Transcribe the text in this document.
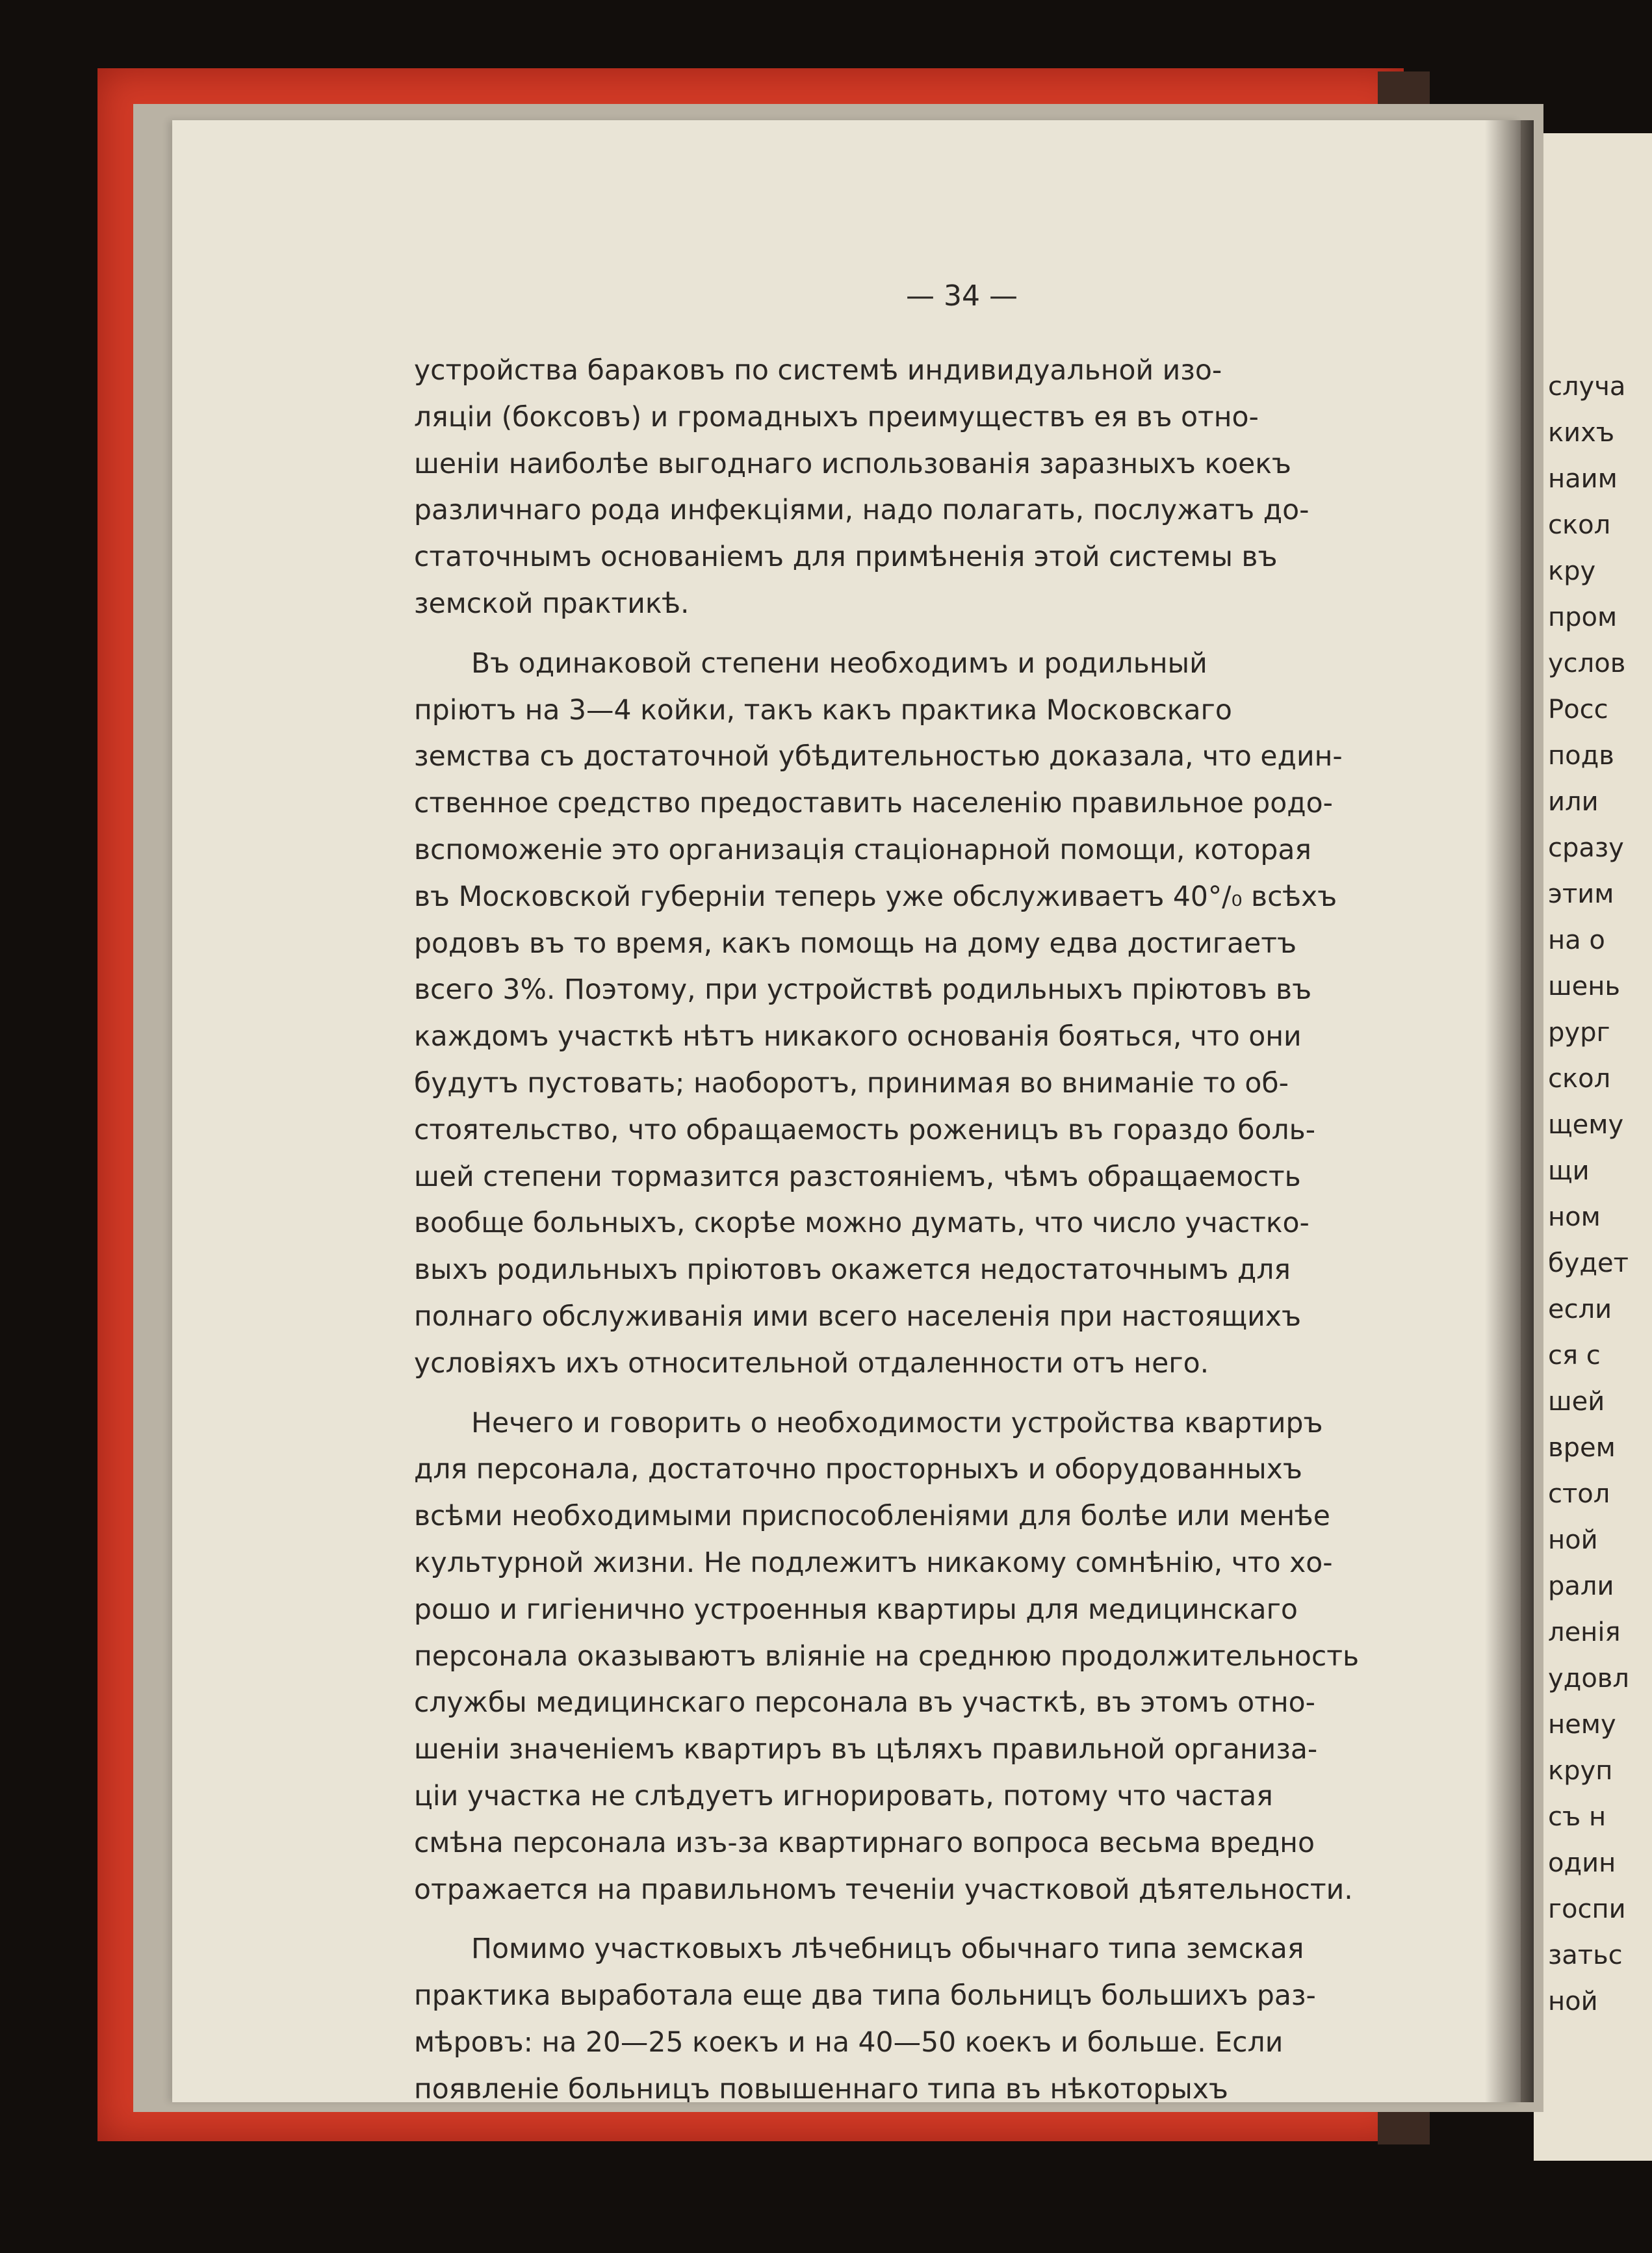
случа
кихъ
наим
скол
кру
пром
услов
Росс
подв
или
сразу
этим
на о
шень
рург
скол
щему
щи
ном
будет
если
ся с
шей
врем
стол
ной
рали
ленія
удовл
нему
круп
съ н
один
госпи
затьс
ной
— 34 —
устройства бараковъ по системѣ индивидуальной изо-
ляцiи (боксовъ) и громадныхъ преимуществъ ея въ отно-
шенiи наиболѣе выгоднаго использованiя заразныхъ коекъ
различнаго рода инфекцiями, надо полагать, послужатъ до-
статочнымъ основанiемъ для примѣненiя этой системы въ
земской практикѣ.
Въ одинаковой степени необходимъ и родильный
прiютъ на 3—4 койки, такъ какъ практика Московскаго
земства съ достаточной убѣдительностью доказала, что един-
ственное средство предоставить населенiю правильное родо-
вспоможенiе это организацiя стацiонарной помощи, которая
въ Московской губернiи теперь уже обслуживаетъ 40°/₀ всѣхъ
родовъ въ то время, какъ помощь на дому едва достигаетъ
всего 3%. Поэтому, при устройствѣ родильныхъ прiютовъ въ
каждомъ участкѣ нѣтъ никакого основанiя бояться, что они
будутъ пустовать; наоборотъ, принимая во вниманiе то об-
стоятельство, что обращаемость роженицъ въ гораздо боль-
шей степени тормазится разстоянiемъ, чѣмъ обращаемость
вообще больныхъ, скорѣе можно думать, что число участко-
выхъ родильныхъ прiютовъ окажется недостаточнымъ для
полнаго обслуживанiя ими всего населенiя при настоящихъ
условiяхъ ихъ относительной отдаленности отъ него.
Нечего и говорить о необходимости устройства квартиръ
для персонала, достаточно просторныхъ и оборудованныхъ
всѣми необходимыми приспособленiями для болѣе или менѣе
культурной жизни. Не подлежитъ никакому сомнѣнiю, что хо-
рошо и гигiенично устроенныя квартиры для медицинскаго
персонала оказываютъ влiянiе на среднюю продолжительность
службы медицинскаго персонала въ участкѣ, въ этомъ отно-
шенiи значенiемъ квартиръ въ цѣляхъ правильной организа-
цiи участка не слѣдуетъ игнорировать, потому что частая
смѣна персонала изъ-за квартирнаго вопроса весьма вредно
отражается на правильномъ теченiи участковой дѣятельности.
Помимо участковыхъ лѣчебницъ обычнаго типа земская
практика выработала еще два типа больницъ большихъ раз-
мѣровъ: на 20—25 коекъ и на 40—50 коекъ и больше. Если
появленiе больницъ повышеннаго типа въ нѣкоторыхъ
